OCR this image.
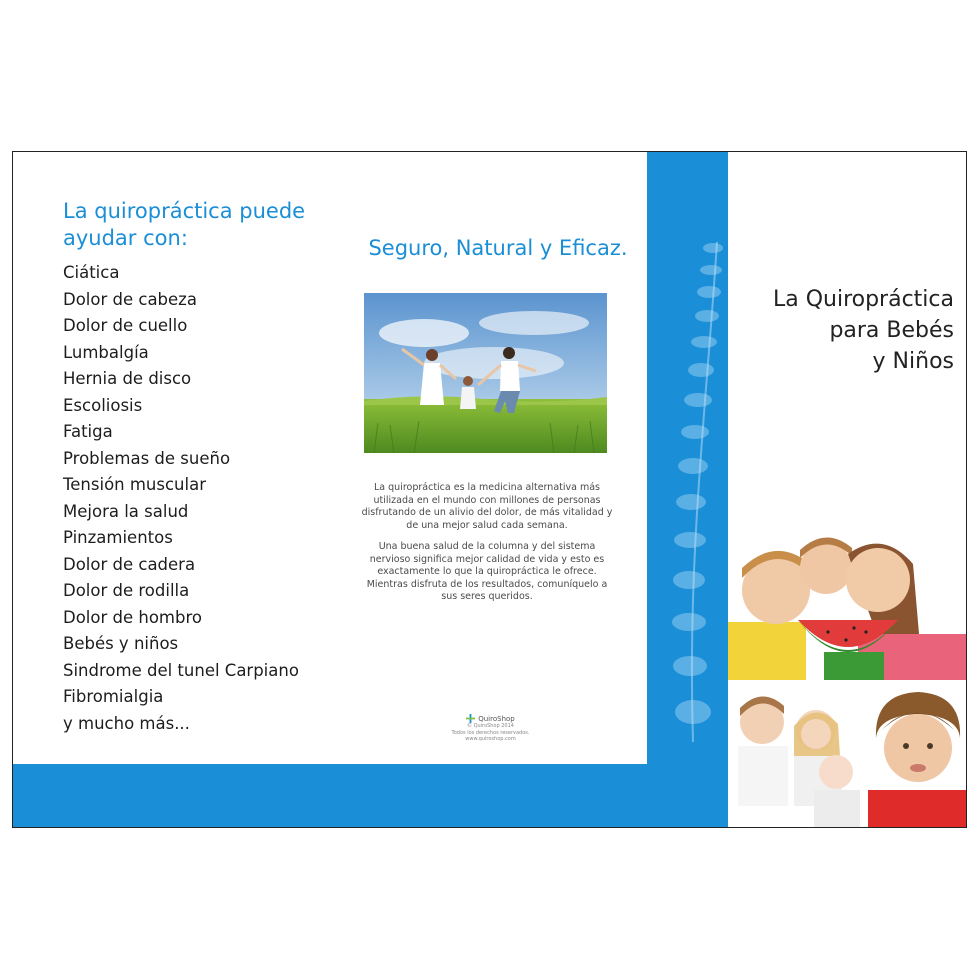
La quiropráctica puede ayudar con:
Ciática
Dolor de cabeza
Dolor de cuello
Lumbalgía
Hernia de disco
Escoliosis
Fatiga
Problemas de sueño
Tensión muscular
Mejora la salud
Pinzamientos
Dolor de cadera
Dolor de rodilla
Dolor de hombro
Bebés y niños
Sindrome del tunel Carpiano
Fibromialgia
y mucho más...
Seguro, Natural y Eficaz.

La quiropráctica es la medicina alternativa más utilizada en el mundo con millones de personas disfrutando de un alivio del dolor, de más vitalidad y de una mejor salud cada semana.

Una buena salud de la columna y del sistema nervioso significa mejor calidad de vida y esto es exactamente lo que la quiropráctica le ofrece. Mientras disfruta de los resultados, comuníquelo a sus seres queridos.

QuiroShop
© QuiroShop 2014
Todos los derechos reservados.
www.quiroshop.com
La Quiropráctica
para Bebés
y Niños
